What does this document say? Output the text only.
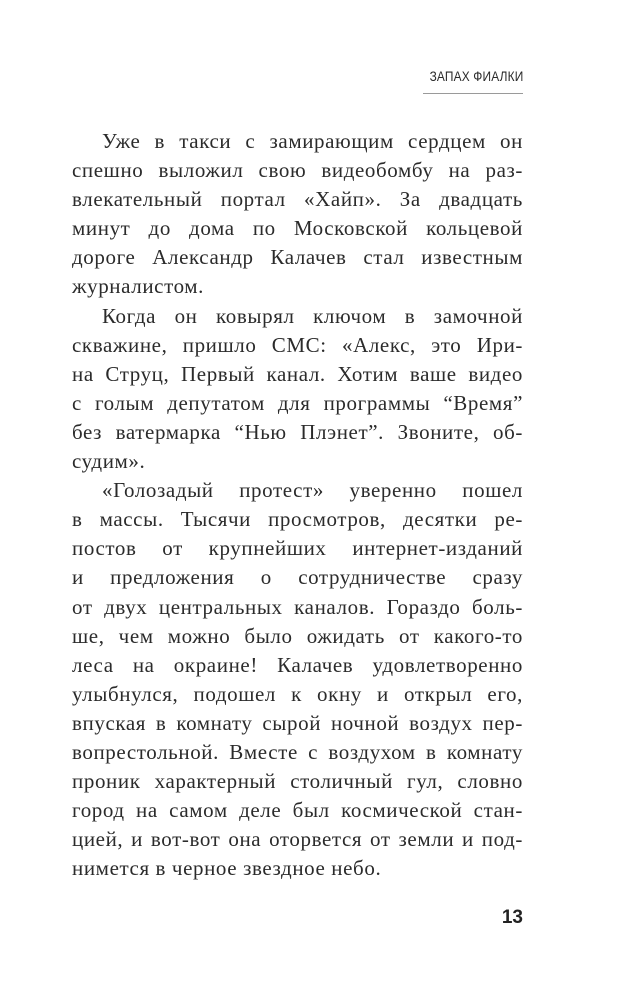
ЗАПАХ ФИАЛКИ
Уже в такси с замирающим сердцем он
спешно выложил свою видеобомбу на раз-
влекательный портал «Хайп». За двадцать
минут до дома по Московской кольцевой
дороге Александр Калачев стал известным
журналистом.
Когда он ковырял ключом в замочной
скважине, пришло СМС: «Алекс, это Ири-
на Струц, Первый канал. Хотим ваше видео
с голым депутатом для программы “Время”
без ватермарка “Нью Плэнет”. Звоните, об-
судим».
«Голозадый протест» уверенно пошел
в массы. Тысячи просмотров, десятки ре-
постов от крупнейших интернет-изданий
и предложения о сотрудничестве сразу
от двух центральных каналов. Гораздо боль-
ше, чем можно было ожидать от какого-то
леса на окраине! Калачев удовлетворенно
улыбнулся, подошел к окну и открыл его,
впуская в комнату сырой ночной воздух пер-
вопрестольной. Вместе с воздухом в комнату
проник характерный столичный гул, словно
город на самом деле был космической стан-
цией, и вот-вот она оторвется от земли и под-
нимется в черное звездное небо.
13
